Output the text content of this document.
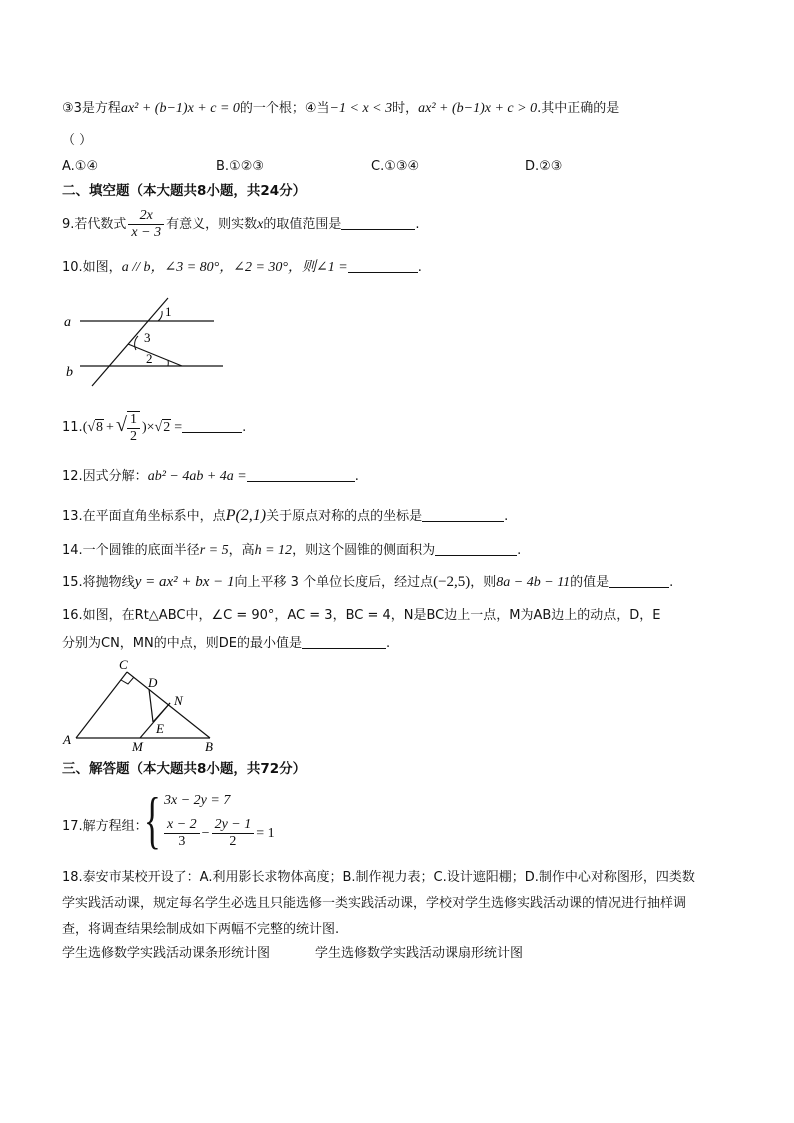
③3是方程ax² + (b−1)x + c = 0的一个根；④当−1 < x < 3时，ax² + (b−1)x + c > 0.其中正确的是
（ ）
A.①④	B.①②③	C.①③④	D.②③
二、填空题（本大题共8小题，共24分）
9.若代数式 $\frac{2x}{x - 3}$ 有意义，则实数x的取值范围是	.
10.如图，a // b，∠3 = 80°，∠2 = 30°，则∠1 =	.
a
b
1
3
2
11.(√8 + √ $\frac{1}{2} )\times√2$ =	.
12.因式分解：ab² − 4ab + 4a =	.
13.在平面直角坐标系中，点P(2,1)关于原点对称的点的坐标是	.
14.一个圆锥的底面半径r = 5，高h = 12，则这个圆锥的侧面积为	.
15.将抛物线y = ax² + bx − 1向上平移 3 个单位长度后，经过点(−2,5)，则8a − 4b − 11的值是	.
16.如图，在Rt△ABC中，∠C = 90°，AC = 3，BC = 4，N是BC边上一点，M为AB边上的动点，D，E
分别为CN，MN的中点，则DE的最小值是	.
A	B
C
D
N
E
M
三、解答题（本大题共8小题，共72分）
17.解方程组：
{ 3x − 2y = 7
$\frac{x - 2}{3} - \frac{2y - 1}{2} = 1$
18.泰安市某校开设了：A.利用影长求物体高度；B.制作视力表；C.设计遮阳棚；D.制作中心对称图形，四类数
学实践活动课，规定每名学生必选且只能选修一类实践活动课，学校对学生选修实践活动课的情况进行抽样调
查，将调查结果绘制成如下两幅不完整的统计图.
学生选修数学实践活动课条形统计图	学生选修数学实践活动课扇形统计图
